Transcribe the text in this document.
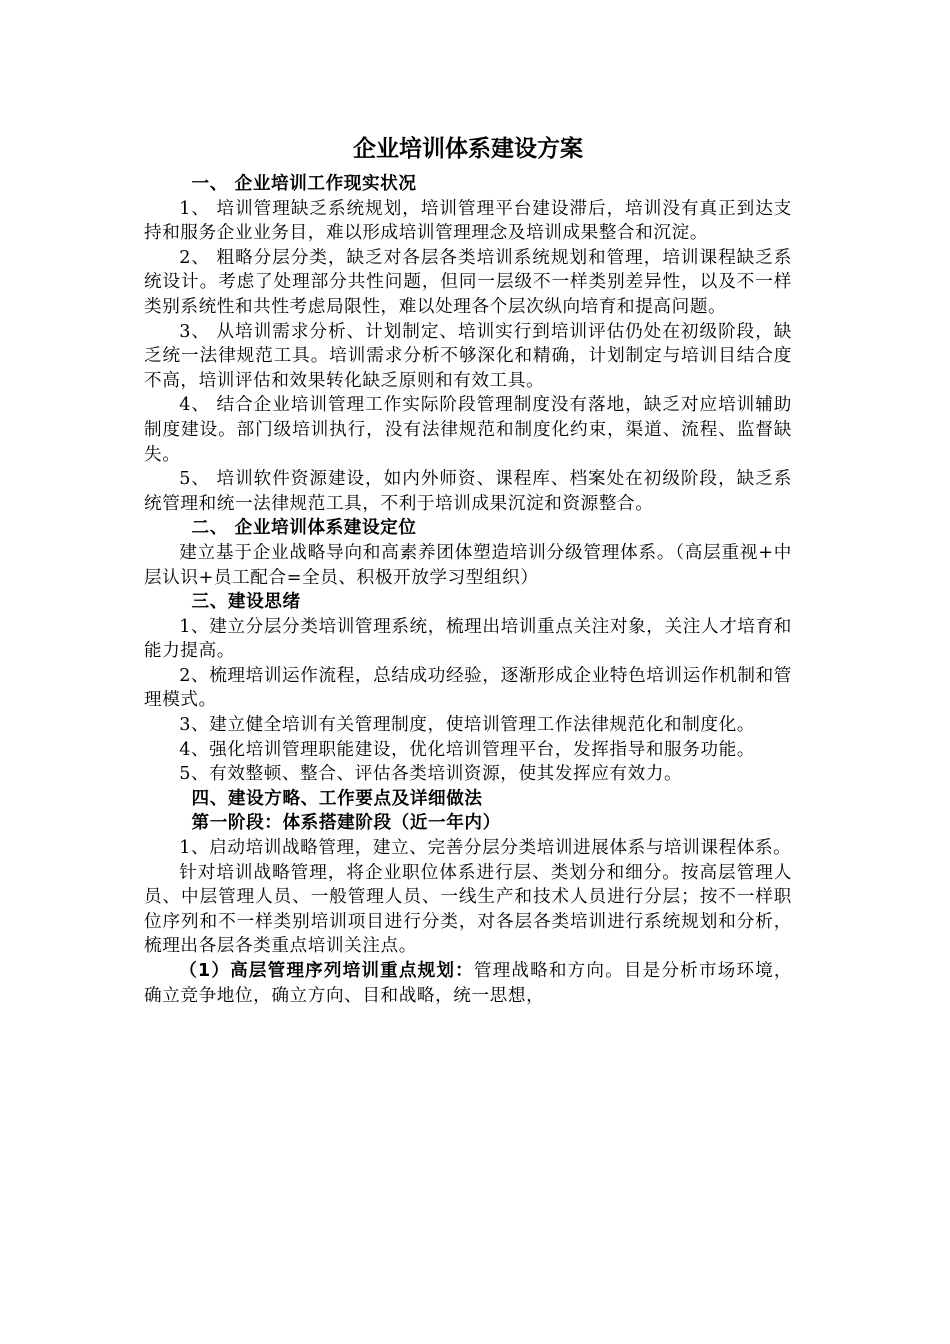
企业培训体系建设方案

一、 企业培训工作现实状况

1、 培训管理缺乏系统规划，培训管理平台建设滞后，培训没有真正到达支持和服务企业业务目，难以形成培训管理理念及培训成果整合和沉淀。

2、 粗略分层分类，缺乏对各层各类培训系统规划和管理，培训课程缺乏系统设计。考虑了处理部分共性问题，但同一层级不一样类别差异性，以及不一样类别系统性和共性考虑局限性，难以处理各个层次纵向培育和提高问题。

3、 从培训需求分析、计划制定、培训实行到培训评估仍处在初级阶段，缺乏统一法律规范工具。培训需求分析不够深化和精确，计划制定与培训目结合度不高，培训评估和效果转化缺乏原则和有效工具。

4、 结合企业培训管理工作实际阶段管理制度没有落地，缺乏对应培训辅助制度建设。部门级培训执行，没有法律规范和制度化约束，渠道、流程、监督缺失。

5、 培训软件资源建设，如内外师资、课程库、档案处在初级阶段，缺乏系统管理和统一法律规范工具，不利于培训成果沉淀和资源整合。

二、 企业培训体系建设定位

建立基于企业战略导向和高素养团体塑造培训分级管理体系。（高层重视+中层认识+员工配合=全员、积极开放学习型组织）

三、建设思绪

1、建立分层分类培训管理系统，梳理出培训重点关注对象，关注人才培育和能力提高。

2、梳理培训运作流程，总结成功经验，逐渐形成企业特色培训运作机制和管理模式。

3、建立健全培训有关管理制度，使培训管理工作法律规范化和制度化。

4、强化培训管理职能建设，优化培训管理平台，发挥指导和服务功能。

5、有效整顿、整合、评估各类培训资源，使其发挥应有效力。

四、建设方略、工作要点及详细做法

第一阶段：体系搭建阶段（近一年内）

1、启动培训战略管理，建立、完善分层分类培训进展体系与培训课程体系。

针对培训战略管理，将企业职位体系进行层、类划分和细分。按高层管理人员、中层管理人员、一般管理人员、一线生产和技术人员进行分层；按不一样职位序列和不一样类别培训项目进行分类，对各层各类培训进行系统规划和分析，梳理出各层各类重点培训关注点。

（1）高层管理序列培训重点规划：管理战略和方向。目是分析市场环境，确立竞争地位，确立方向、目和战略，统一思想，
